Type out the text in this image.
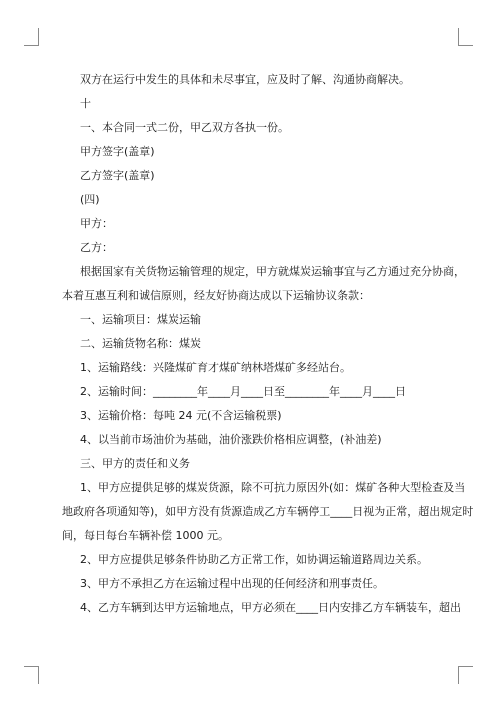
双方在运行中发生的具体和未尽事宜，应及时了解、沟通协商解决。

十

一、本合同一式二份，甲乙双方各执一份。

甲方签字(盖章)

乙方签字(盖章)

(四)

甲方：

乙方：

根据国家有关货物运输管理的规定，甲方就煤炭运输事宜与乙方通过充分协商，

本着互惠互利和诚信原则，经友好协商达成以下运输协议条款：

一、运输项目：煤炭运输

二、运输货物名称：煤炭

1、运输路线：兴隆煤矿育才煤矿纳林塔煤矿多经站台。

2、运输时间：________年____月____日至________年____月____日

3、运输价格：每吨 24 元(不含运输税票)

4、以当前市场油价为基础，油价涨跌价格相应调整，(补油差)

三、甲方的责任和义务

1、甲方应提供足够的煤炭货源，除不可抗力原因外(如：煤矿各种大型检查及当

地政府各项通知等)，如甲方没有货源造成乙方车辆停工____日视为正常，超出规定时

间，每日每台车辆补偿 1000 元。

2、甲方应提供足够条件协助乙方正常工作，如协调运输道路周边关系。

3、甲方不承担乙方在运输过程中出现的任何经济和刑事责任。

4、乙方车辆到达甲方运输地点，甲方必须在____日内安排乙方车辆装车，超出
